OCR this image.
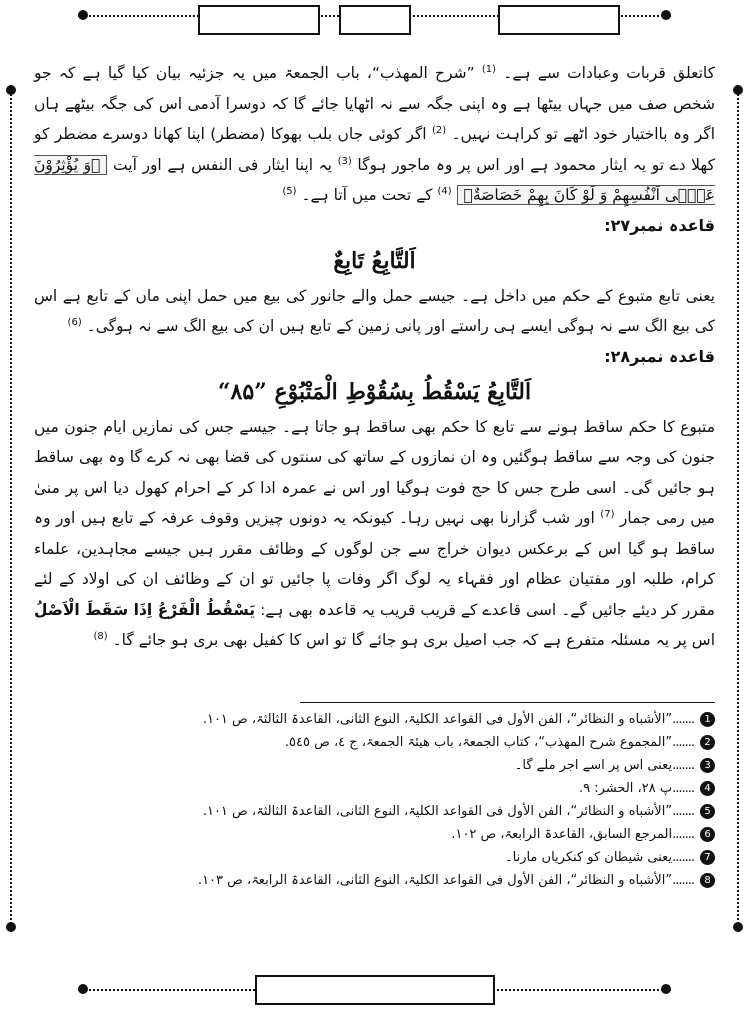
کاتعلق قربات وعبادات سے ہے۔ $^{(1)}$ ”شرح المھذب“، باب الجمعۃ میں یہ جزئیہ بیان کیا گیا ہے کہ جو شخص صف میں جہاں بیٹھا ہے وہ اپنی جگہ سے نہ اٹھایا جائے گا کہ دوسرا آدمی اس کی جگہ بیٹھے ہاں اگر وہ بااختیار خود اٹھے تو کراہت نہیں۔ $^{(2)}$ اگر کوئی جاں بلب بھوکا (مضطر) اپنا کھانا دوسرے مضطر کو کھلا دے تو یہ ایثار محمود ہے اور اس پر وہ ماجور ہوگا $^{(3)}$ یہ اپنا ایثار فی النفس ہے اور آیت ﴿وَ یُؤْثِرُوْنَ عَلٰۤى اَنْفُسِهِمْ وَ لَوْ كَانَ بِهِمْ خَصَاصَةٌ﴾ $^{(4)}$ کے تحت میں آتا ہے۔ $^{(5)}$

قاعدہ نمبر۲۷:

اَلتَّابِعُ تَابِعٌ

یعنی تابع متبوع کے حکم میں داخل ہے۔ جیسے حمل والے جانور کی بیع میں حمل اپنی ماں کے تابع ہے اس کی بیع الگ سے نہ ہوگی ایسے ہی راستے اور پانی زمین کے تابع ہیں ان کی بیع الگ سے نہ ہوگی۔ $^{(6)}$

قاعدہ نمبر۲۸:

اَلتَّابِعُ یَسْقُطُ بِسُقُوْطِ الْمَتْبُوْعِ ”۸۵“

متبوع کا حکم ساقط ہونے سے تابع کا حکم بھی ساقط ہو جاتا ہے۔ جیسے جس کی نمازیں ایام جنون میں جنون کی وجہ سے ساقط ہوگئیں وہ ان نمازوں کے ساتھ کی سنتوں کی قضا بھی نہ کرے گا وہ بھی ساقط ہو جائیں گی۔ اسی طرح جس کا حج فوت ہوگیا اور اس نے عمرہ ادا کر کے احرام کھول دیا اس پر منیٰ میں رمی جمار $^{(7)}$ اور شب گزارنا بھی نہیں رہا۔ کیونکہ یہ دونوں چیزیں وقوف عرفہ کے تابع ہیں اور وہ ساقط ہو گیا اس کے برعکس دیوان خراج سے جن لوگوں کے وظائف مقرر ہیں جیسے مجاہدین، علماء کرام، طلبہ اور مفتیان عظام اور فقہاء یہ لوگ اگر وفات پا جائیں تو ان کے وظائف ان کی اولاد کے لئے مقرر کر دیئے جائیں گے۔ اسی قاعدے کے قریب قریب یہ قاعدہ بھی ہے: یَسْقُطُ الْفَرْعُ اِذَا سَقَطَ الْاَصْلُ اس پر یہ مسئلہ متفرع ہے کہ جب اصیل بری ہو جائے گا تو اس کا کفیل بھی بری ہو جائے گا۔ $^{(8)}$

1
.......
”الأشباه و النظائر“، الفن الأول فی القواعد الکلیۃ، النوع الثانی، القاعدۃ الثالثۃ، ص ١٠١.
2
.......
”المجموع شرح المھذب“، کتاب الجمعۃ، باب ھیئۃ الجمعۃ، ج ٤، ص ٥٤٥.
3
.......
یعنی اس پر اسے اجر ملے گا۔
4
.......
پ ٢٨، الحشر: ٩.
5
.......
”الأشباه و النظائر“، الفن الأول فی القواعد الکلیۃ، النوع الثانی، القاعدۃ الثالثۃ، ص ١٠١.
6
.......
المرجع السابق، القاعدۃ الرابعۃ، ص ١٠٢.
7
.......
یعنی شیطان کو کنکریاں مارنا۔
8
.......
”الأشباه و النظائر“، الفن الأول فی القواعد الکلیۃ، النوع الثانی، القاعدۃ الرابعۃ، ص ١٠٣.
